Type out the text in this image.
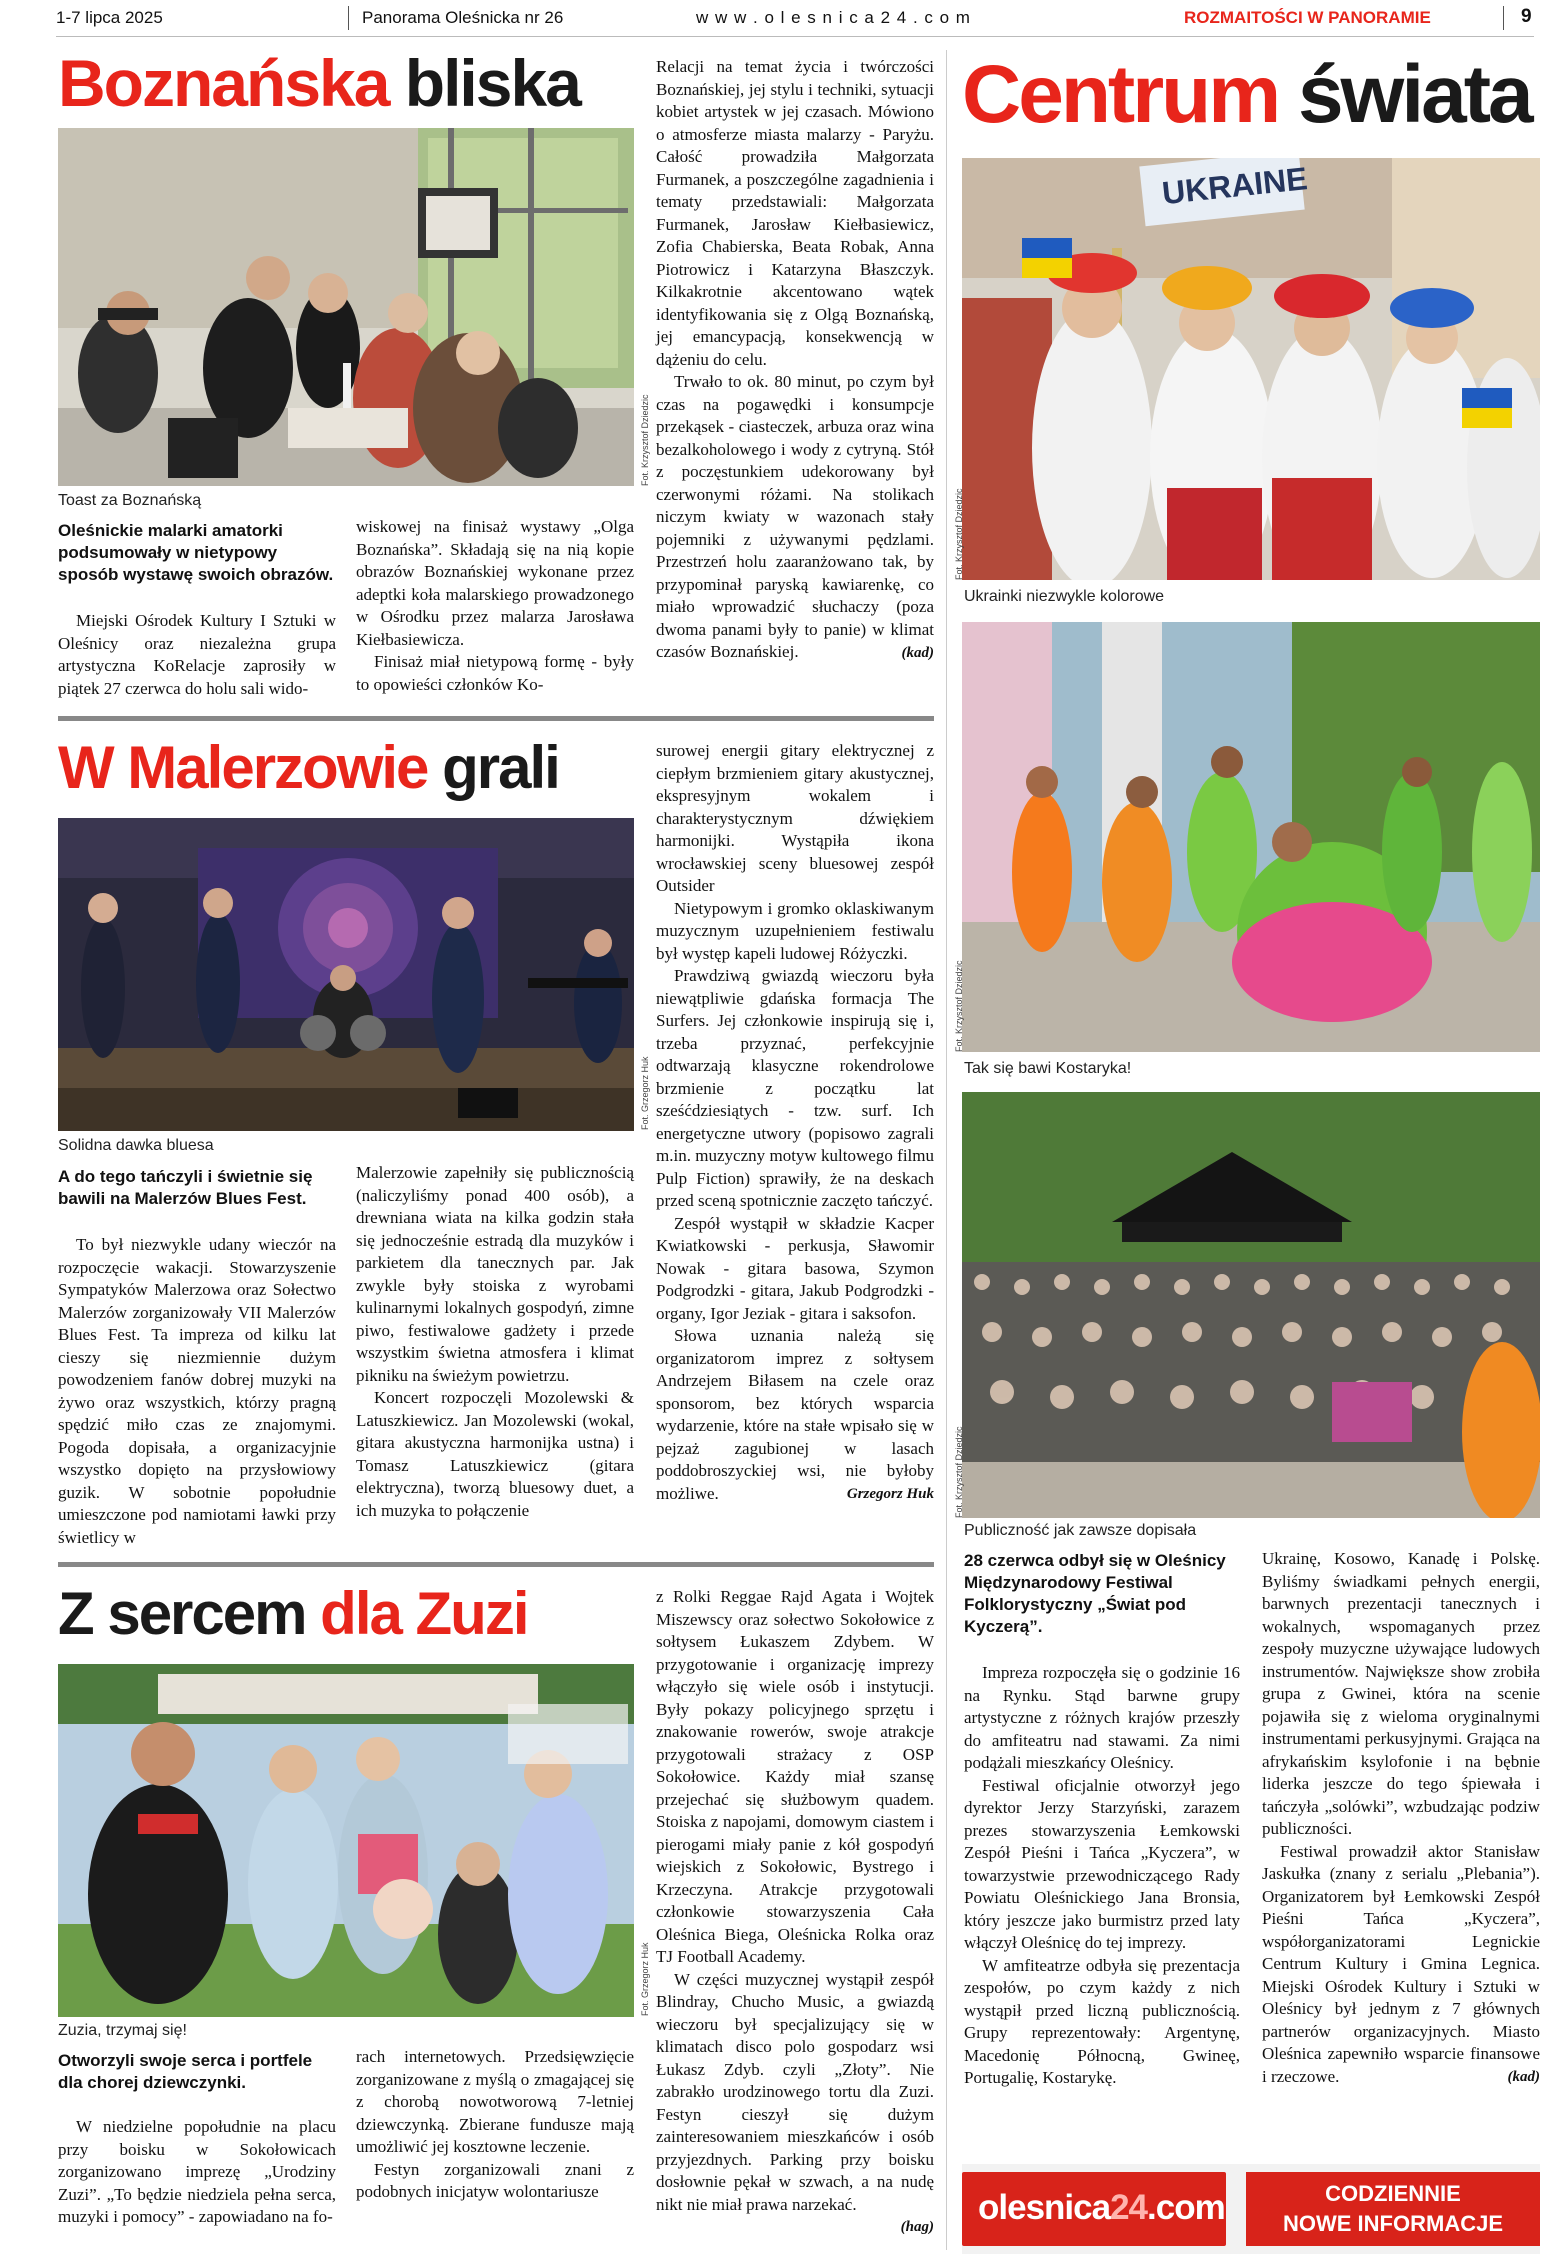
1-7 lipca 2025	Panorama Oleśnicka nr 26	w w w . o l e s n i c a 2 4 . c o m	ROZMAITOŚCI W PANORAMIE	9
Boznańska bliska
Fot. Krzysztof Dziedzic
Toast za Boznańską
Oleśnickie malarki amatorki podsumowały w nietypowy sposób wystawę swoich obrazów.

Miejski Ośrodek Kultury I Sztuki w Oleśnicy oraz niezależna grupa artystyczna KoRelacje zaprosiły w piątek 27 czerwca do holu sali wido-

wiskowej na finisaż wystawy „Olga Boznańska”. Składają się na nią kopie obrazów Boznańskiej wykonane przez adeptki koła malarskiego prowadzonego w Ośrodku przez malarza Jarosława Kiełbasiewicza.

Finisaż miał nietypową formę - były to opowieści członków Ko-

Relacji na temat życia i twórczości Boznańskiej, jej stylu i techniki, sytuacji kobiet artystek w jej czasach. Mówiono o atmosferze miasta malarzy - Paryżu. Całość prowadziła Małgorzata Furmanek, a poszczególne zagadnienia i tematy przedstawiali: Małgorzata Furmanek, Jarosław Kiełbasiewicz, Zofia Chabierska, Beata Robak, Anna Piotrowicz i Katarzyna Błaszczyk. Kilkakrotnie akcentowano wątek identyfikowania się z Olgą Boznańską, jej emancypacją, konsekwencją w dążeniu do celu.

Trwało to ok. 80 minut, po czym był czas na pogawędki i konsumpcje przekąsek - ciasteczek, arbuza oraz wina bezalkoholowego i wody z cytryną. Stół z poczęstunkiem udekorowany był czerwonymi różami. Na stolikach niczym kwiaty w wazonach stały pojemniki z używanymi pędzlami. Przestrzeń holu zaaranżowano tak, by przypominał paryską kawiarenkę, co miało wprowadzić słuchaczy (poza dwoma panami były to panie) w klimat czasów Boznańskiej.	(kad)
W Malerzowie grali
Fot. Grzegorz Huk
Solidna dawka bluesa
A do tego tańczyli i świetnie się bawili na Malerzów Blues Fest.

To był niezwykle udany wieczór na rozpoczęcie wakacji. Stowarzyszenie Sympatyków Malerzowa oraz Sołectwo Malerzów zorganizowały VII Malerzów Blues Fest. Ta impreza od kilku lat cieszy się niezmiennie dużym powodzeniem fanów dobrej muzyki na żywo oraz wszystkich, którzy pragną spędzić miło czas ze znajomymi. Pogoda dopisała, a organizacyjnie wszystko dopięto na przysłowiowy guzik. W sobotnie popołudnie umieszczone pod namiotami ławki przy świetlicy w

Malerzowie zapełniły się publicznością (naliczyliśmy ponad 400 osób), a drewniana wiata na kilka godzin stała się jednocześnie estradą dla muzyków i parkietem dla tanecznych par. Jak zwykle były stoiska z wyrobami kulinarnymi lokalnych gospodyń, zimne piwo, festiwalowe gadżety i przede wszystkim świetna atmosfera i klimat pikniku na świeżym powietrzu.

Koncert rozpoczęli Mozolewski & Latuszkiewicz. Jan Mozolewski (wokal, gitara akustyczna harmonijka ustna) i Tomasz Latuszkiewicz (gitara elektryczna), tworzą bluesowy duet, a ich muzyka to połączenie

surowej energii gitary elektrycznej z ciepłym brzmieniem gitary akustycznej, ekspresyjnym wokalem i charakterystycznym dźwiękiem harmonijki. Wystąpiła ikona wrocławskiej sceny bluesowej zespół Outsider

Nietypowym i gromko oklaskiwanym muzycznym uzupełnieniem festiwalu był występ kapeli ludowej Różyczki.

Prawdziwą gwiazdą wieczoru była niewątpliwie gdańska formacja The Surfers. Jej członkowie inspirują się i, trzeba przyznać, perfekcyjnie odtwarzają klasyczne rokendrolowe brzmienie z początku lat sześćdziesiątych - tzw. surf. Ich energetyczne utwory (popisowo zagrali m.in. muzyczny motyw kultowego filmu Pulp Fiction) sprawiły, że na deskach przed sceną spotnicznie zaczęto tańczyć.

Zespół wystąpił w składzie Kacper Kwiatkowski - perkusja, Sławomir Nowak - gitara basowa, Szymon Podgrodzki - gitara, Jakub Podgrodzki - organy, Igor Jeziak - gitara i saksofon.

Słowa uznania należą się organizatorom imprez z sołtysem Andrzejem Biłasem na czele oraz sponsorom, bez których wsparcia wydarzenie, które na stałe wpisało się w pejzaż zagubionej w lasach poddobroszyckiej wsi, nie byłoby możliwe.	Grzegorz Huk
Z sercem dla Zuzi
Fot. Grzegorz Huk
Zuzia, trzymaj się!
Otworzyli swoje serca i portfele dla chorej dziewczynki.

W niedzielne popołudnie na placu przy boisku w Sokołowicach zorganizowano imprezę „Urodziny Zuzi”. „To będzie niedziela pełna serca, muzyki i pomocy” - zapowiadano na fo-

rach internetowych. Przedsięwzięcie zorganizowane z myślą o zmagającej się z chorobą nowotworową 7-letniej dziewczynką. Zbierane fundusze mają umożliwić jej kosztowne leczenie.

Festyn zorganizowali znani z podobnych inicjatyw wolontariusze

z Rolki Reggae Rajd Agata i Wojtek Miszewscy oraz sołectwo Sokołowice z sołtysem Łukaszem Zdybem. W przygotowanie i organizację imprezy włączyło się wiele osób i instytucji. Były pokazy policyjnego sprzętu i znakowanie rowerów, swoje atrakcje przygotowali strażacy z OSP Sokołowice. Każdy miał szansę przejechać się służbowym quadem. Stoiska z napojami, domowym ciastem i pierogami miały panie z kół gospodyń wiejskich z Sokołowic, Bystrego i Krzeczyna. Atrakcje przygotowali członkowie stowarzyszenia Cała Oleśnica Biega, Oleśnicka Rolka oraz TJ Football Academy.

W części muzycznej wystąpił zespół Blindray, Chucho Music, a gwiazdą wieczoru był specjalizujący się w klimatach disco polo gospodarz wsi Łukasz Zdyb. czyli „Złoty”. Nie zabrakło urodzinowego tortu dla Zuzi. Festyn cieszył się dużym zainteresowaniem mieszkańców i osób przyjezdnych. Parking przy boisku dosłownie pękał w szwach, a na nudę nikt nie miał prawa narzekać.

(hag)
Centrum świata
UKRAINE
Fot. Krzysztof Dziedzic
Ukrainki niezwykle kolorowe
Fot. Krzysztof Dziedzic
Tak się bawi Kostaryka!
Fot. Krzysztof Dziedzic
Publiczność jak zawsze dopisała
28 czerwca odbył się w Oleśnicy Międzynarodowy Festiwal Folklorystyczny „Świat pod Kyczerą”.

Impreza rozpoczęła się o godzinie 16 na Rynku. Stąd barwne grupy artystyczne z różnych krajów przeszły do amfiteatru nad stawami. Za nimi podążali mieszkańcy Oleśnicy.

Festiwal oficjalnie otworzył jego dyrektor Jerzy Starzyński, zarazem prezes stowarzyszenia Łemkowski Zespół Pieśni i Tańca „Kyczera”, w towarzystwie przewodniczącego Rady Powiatu Oleśnickiego Jana Bronsia, który jeszcze jako burmistrz przed laty włączył Oleśnicę do tej imprezy.

W amfiteatrze odbyła się prezentacja zespołów, po czym każdy z nich wystąpił przed liczną publicznością. Grupy reprezentowały: Argentynę, Macedonię Północną, Gwineę, Portugalię, Kostarykę.

Ukrainę, Kosowo, Kanadę i Polskę. Byliśmy świadkami pełnych energii, barwnych prezentacji tanecznych i wokalnych, wspomaganych przez zespoły muzyczne używające ludowych instrumentów. Największe show zrobiła grupa z Gwinei, która na scenie pojawiła się z wieloma oryginalnymi instrumentami perkusyjnymi. Grająca na afrykańskim ksylofonie i na bębnie liderka jeszcze do tego śpiewała i tańczyła „solówki”, wzbudzając podziw publiczności.

Festiwal prowadził aktor Stanisław Jaskułka (znany z serialu „Plebania”). Organizatorem był Łemkowski Zespół Pieśni Tańca „Kyczera”, współorganizatorami Legnickie Centrum Kultury i Gmina Legnica. Miejski Ośrodek Kultury i Sztuki w Oleśnicy był jednym z 7 głównych partnerów organizacyjnych. Miasto Oleśnica zapewniło wsparcie finansowe i rzeczowe.	(kad)
olesnica24.com	CODZIENNIE
NOWE INFORMACJE
